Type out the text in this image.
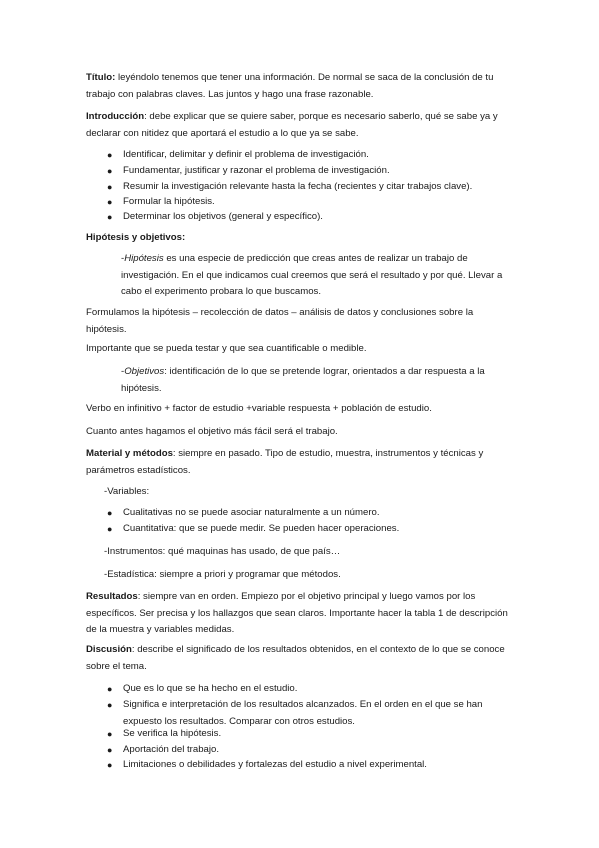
Título: leyéndolo tenemos que tener una información. De normal se saca de la conclusión de tu trabajo con palabras claves. Las juntos y hago una frase razonable.

Introducción: debe explicar que se quiere saber, porque es necesario saberlo, qué se sabe ya y declarar con nitidez que aportará el estudio a lo que ya se sabe.

● Identificar, delimitar y definir el problema de investigación.
● Fundamentar, justificar y razonar el problema de investigación.
● Resumir la investigación relevante hasta la fecha (recientes y citar trabajos clave).
● Formular la hipótesis.
● Determinar los objetivos (general y específico).

Hipótesis y objetivos:

-Hipótesis es una especie de predicción que creas antes de realizar un trabajo de investigación. En el que indicamos cual creemos que será el resultado y por qué. Llevar a cabo el experimento probara lo que buscamos.

Formulamos la hipótesis – recolección de datos – análisis de datos y conclusiones sobre la hipótesis.

Importante que se pueda testar y que sea cuantificable o medible.

-Objetivos: identificación de lo que se pretende lograr, orientados a dar respuesta a la hipótesis.

Verbo en infinitivo + factor de estudio +variable respuesta + población de estudio.

Cuanto antes hagamos el objetivo más fácil será el trabajo.

Material y métodos: siempre en pasado. Tipo de estudio, muestra, instrumentos y técnicas y parámetros estadísticos.

-Variables:

● Cualitativas no se puede asociar naturalmente a un número.
● Cuantitativa: que se puede medir. Se pueden hacer operaciones.

-Instrumentos: qué maquinas has usado, de que país…

-Estadística: siempre a priori y programar que métodos.

Resultados: siempre van en orden. Empiezo por el objetivo principal y luego vamos por los específicos. Ser precisa y los hallazgos que sean claros. Importante hacer la tabla 1 de descripción de la muestra y variables medidas.

Discusión: describe el significado de los resultados obtenidos, en el contexto de lo que se conoce sobre el tema.

● Que es lo que se ha hecho en el estudio.
● Significa e interpretación de los resultados alcanzados. En el orden en el que se han expuesto los resultados. Comparar con otros estudios.
● Se verifica la hipótesis.
● Aportación del trabajo.
● Limitaciones o debilidades y fortalezas del estudio a nivel experimental.
